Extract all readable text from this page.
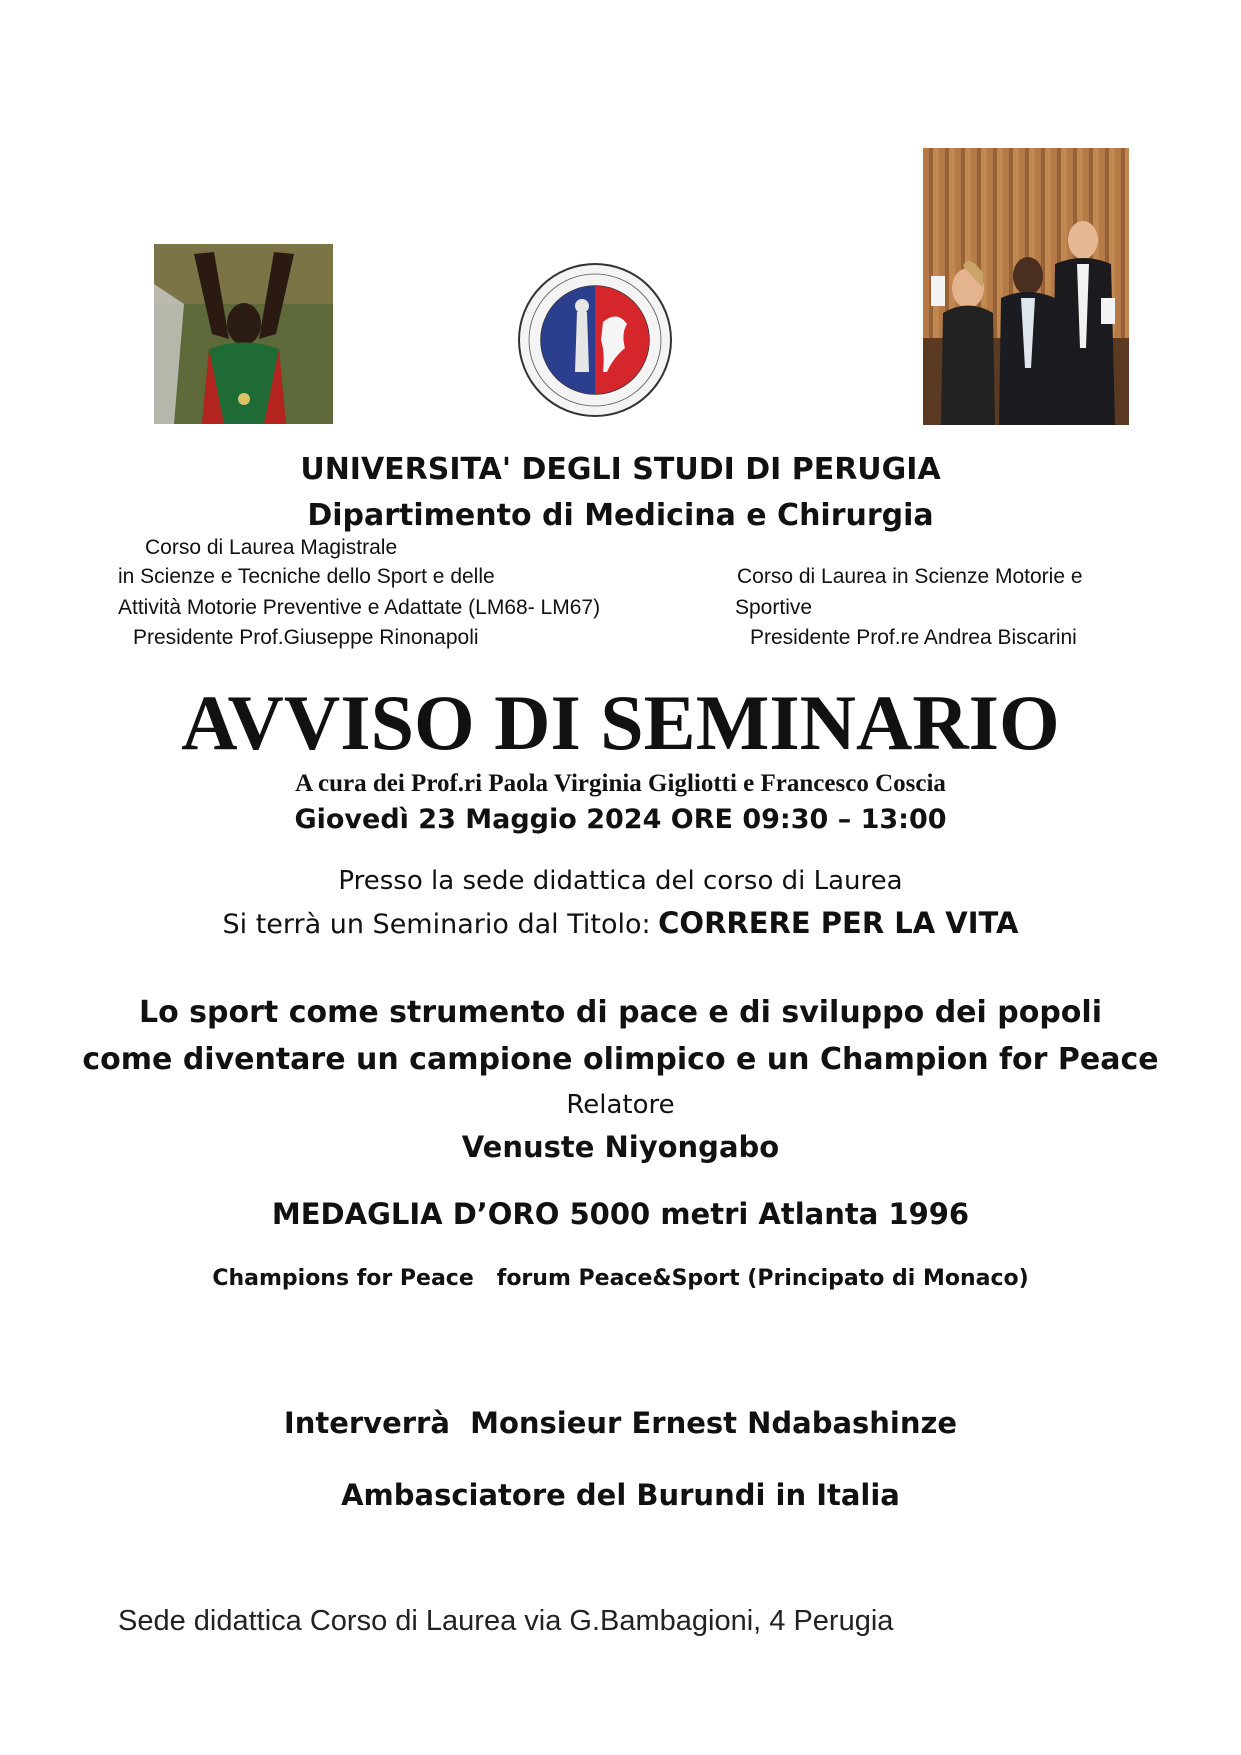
UNIVERSITA' DEGLI STUDI DI PERUGIA
Dipartimento di Medicina e Chirurgia
Corso di Laurea Magistrale
in Scienze e Tecniche dello Sport e delle
Attività Motorie Preventive e Adattate (LM68- LM67)
Presidente Prof.Giuseppe Rinonapoli
Corso di Laurea in Scienze Motorie e
Sportive
Presidente Prof.re Andrea Biscarini
AVVISO DI SEMINARIO
A cura dei Prof.ri Paola Virginia Gigliotti e Francesco Coscia
Giovedì 23 Maggio 2024 ORE 09:30 – 13:00
Presso la sede didattica del corso di Laurea
Si terrà un Seminario dal Titolo: CORRERE PER LA VITA
Lo sport come strumento di pace e di sviluppo dei popoli
come diventare un campione olimpico e un Champion for Peace
Relatore
Venuste Niyongabo
MEDAGLIA D’ORO 5000 metri Atlanta 1996
Champions for Peace   forum Peace&Sport (Principato di Monaco)
Interverrà  Monsieur Ernest Ndabashinze
Ambasciatore del Burundi in Italia
Sede didattica Corso di Laurea via G.Bambagioni, 4 Perugia
